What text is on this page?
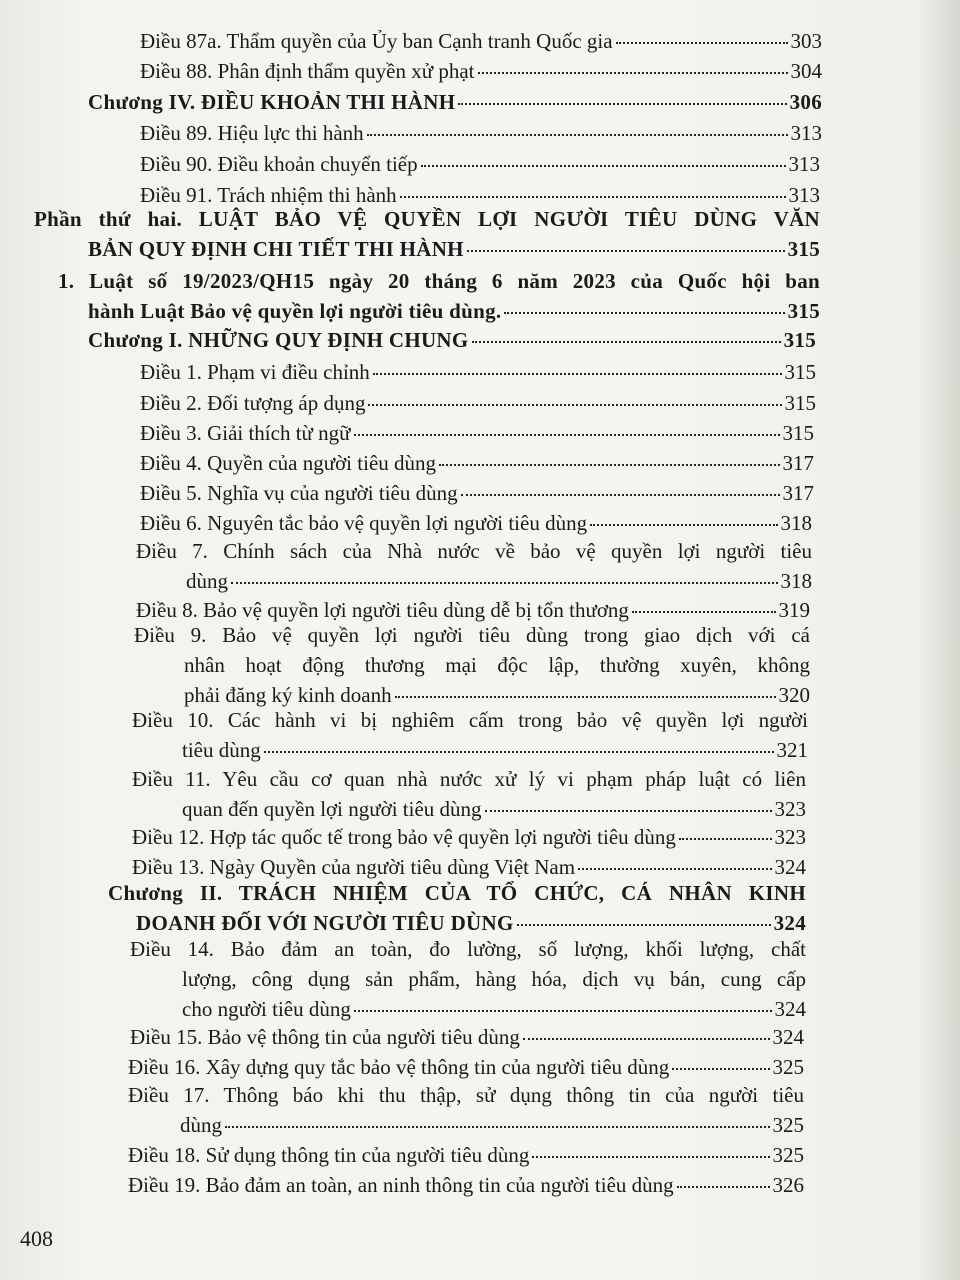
Điều 87a. Thẩm quyền của Ủy ban Cạnh tranh Quốc gia	303
Điều 88. Phân định thẩm quyền xử phạt	304
Chương IV. ĐIỀU KHOẢN THI HÀNH	306
Điều 89. Hiệu lực thi hành	313
Điều 90. Điều khoản chuyển tiếp	313
Điều 91. Trách nhiệm thi hành	313
Phần thứ hai. LUẬT BẢO VỆ QUYỀN LỢI NGƯỜI TIÊU DÙNG VĂN
BẢN QUY ĐỊNH CHI TIẾT THI HÀNH	315
1. Luật số 19/2023/QH15 ngày 20 tháng 6 năm 2023 của Quốc hội ban
hành Luật Bảo vệ quyền lợi người tiêu dùng.	315
Chương I. NHỮNG QUY ĐỊNH CHUNG	315
Điều 1. Phạm vi điều chỉnh	315
Điều 2. Đối tượng áp dụng	315
Điều 3. Giải thích từ ngữ	315
Điều 4. Quyền của người tiêu dùng	317
Điều 5. Nghĩa vụ của người tiêu dùng	317
Điều 6. Nguyên tắc bảo vệ quyền lợi người tiêu dùng	318
Điều 7. Chính sách của Nhà nước về bảo vệ quyền lợi người tiêu
dùng	318
Điều 8. Bảo vệ quyền lợi người tiêu dùng dễ bị tổn thương	319
Điều 9. Bảo vệ quyền lợi người tiêu dùng trong giao dịch với cá
nhân hoạt động thương mại độc lập, thường xuyên, không
phải đăng ký kinh doanh	320
Điều 10. Các hành vi bị nghiêm cấm trong bảo vệ quyền lợi người
tiêu dùng	321
Điều 11. Yêu cầu cơ quan nhà nước xử lý vi phạm pháp luật có liên
quan đến quyền lợi người tiêu dùng	323
Điều 12. Hợp tác quốc tế trong bảo vệ quyền lợi người tiêu dùng	323
Điều 13. Ngày Quyền của người tiêu dùng Việt Nam	324
Chương II. TRÁCH NHIỆM CỦA TỔ CHỨC, CÁ NHÂN KINH
DOANH ĐỐI VỚI NGƯỜI TIÊU DÙNG	324
Điều 14. Bảo đảm an toàn, đo lường, số lượng, khối lượng, chất
lượng, công dụng sản phẩm, hàng hóa, dịch vụ bán, cung cấp
cho người tiêu dùng	324
Điều 15. Bảo vệ thông tin của người tiêu dùng	324
Điều 16. Xây dựng quy tắc bảo vệ thông tin của người tiêu dùng	325
Điều 17. Thông báo khi thu thập, sử dụng thông tin của người tiêu
dùng	325
Điều 18. Sử dụng thông tin của người tiêu dùng	325
Điều 19. Bảo đảm an toàn, an ninh thông tin của người tiêu dùng	326
408
